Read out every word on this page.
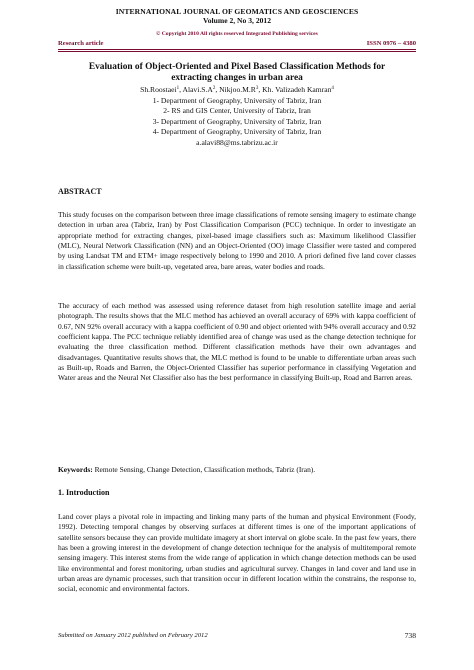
INTERNATIONAL JOURNAL OF GEOMATICS AND GEOSCIENCES
Volume 2, No 3, 2012
© Copyright 2010 All rights reserved Integrated Publishing services
Research article	ISSN 0976 – 4380
Evaluation of Object-Oriented and Pixel Based Classification Methods for
extracting changes in urban area
Sh.Roostaei$^1$, $Alavi.S.A^2$, $Nikjoo.M.R^3$, Kh. Valizadeh Kamran$^4$
1- Department of Geography, University of Tabriz, Iran
2- RS and GIS Center, University of Tabriz, Iran
3- Department of Geography, University of Tabriz, Iran
4- Department of Geography, University of Tabriz, Iran
a.alavi88@ms.tabrizu.ac.ir
ABSTRACT
This study focuses on the comparison between three image classifications of remote sensing imagery to estimate change detection in urban area (Tabriz, Iran) by Post Classification Comparison (PCC) technique. In order to investigate an appropriate method for extracting changes, pixel-based image classifiers such as: Maximum likelihood Classifier (MLC), Neural Network Classification (NN) and an Object-Oriented (OO) image Classifier were tasted and compered by using Landsat TM and ETM+ image respectively belong to 1990 and 2010. A priori defined five land cover classes in classification scheme were built-up, vegetated area, bare areas, water bodies and roads.
The accuracy of each method was assessed using reference dataset from high resolution satellite image and aerial photograph. The results shows that the MLC method has achieved an overall accuracy of 69% with kappa coefficient of 0.67, NN 92% overall accuracy with a kappa coefficient of 0.90 and object oriented with 94% overall accuracy and 0.92 coefficient kappa. The PCC technique reliably identified area of change was used as the change detection technique for evaluating the three classification method. Different classification methods have their own advantages and disadvantages. Quantitative results shows that, the MLC method is found to be unable to differentiate urban areas such as Built-up, Roads and Barren, the Object-Oriented Classifier has superior performance in classifying Vegetation and Water areas and the Neural Net Classifier also has the best performance in classifying Built-up, Road and Barren areas.
Keywords: Remote Sensing, Change Detection, Classification methods, Tabriz (Iran).
1. Introduction
Land cover plays a pivotal role in impacting and linking many parts of the human and physical Environment (Foody, 1992). Detecting temporal changes by observing surfaces at different times is one of the important applications of satellite sensors because they can provide multidate imagery at short interval on globe scale. In the past few years, there has been a growing interest in the development of change detection technique for the analysis of multitemporal remote sensing imagery. This interest stems from the wide range of application in which change detection methods can be used like environmental and forest monitoring, urban studies and agricultural survey. Changes in land cover and land use in urban areas are dynamic processes, such that transition occur in different location within the constrains, the response to, social, economic and environmental factors.
Submitted on January 2012 published on February 2012	738
